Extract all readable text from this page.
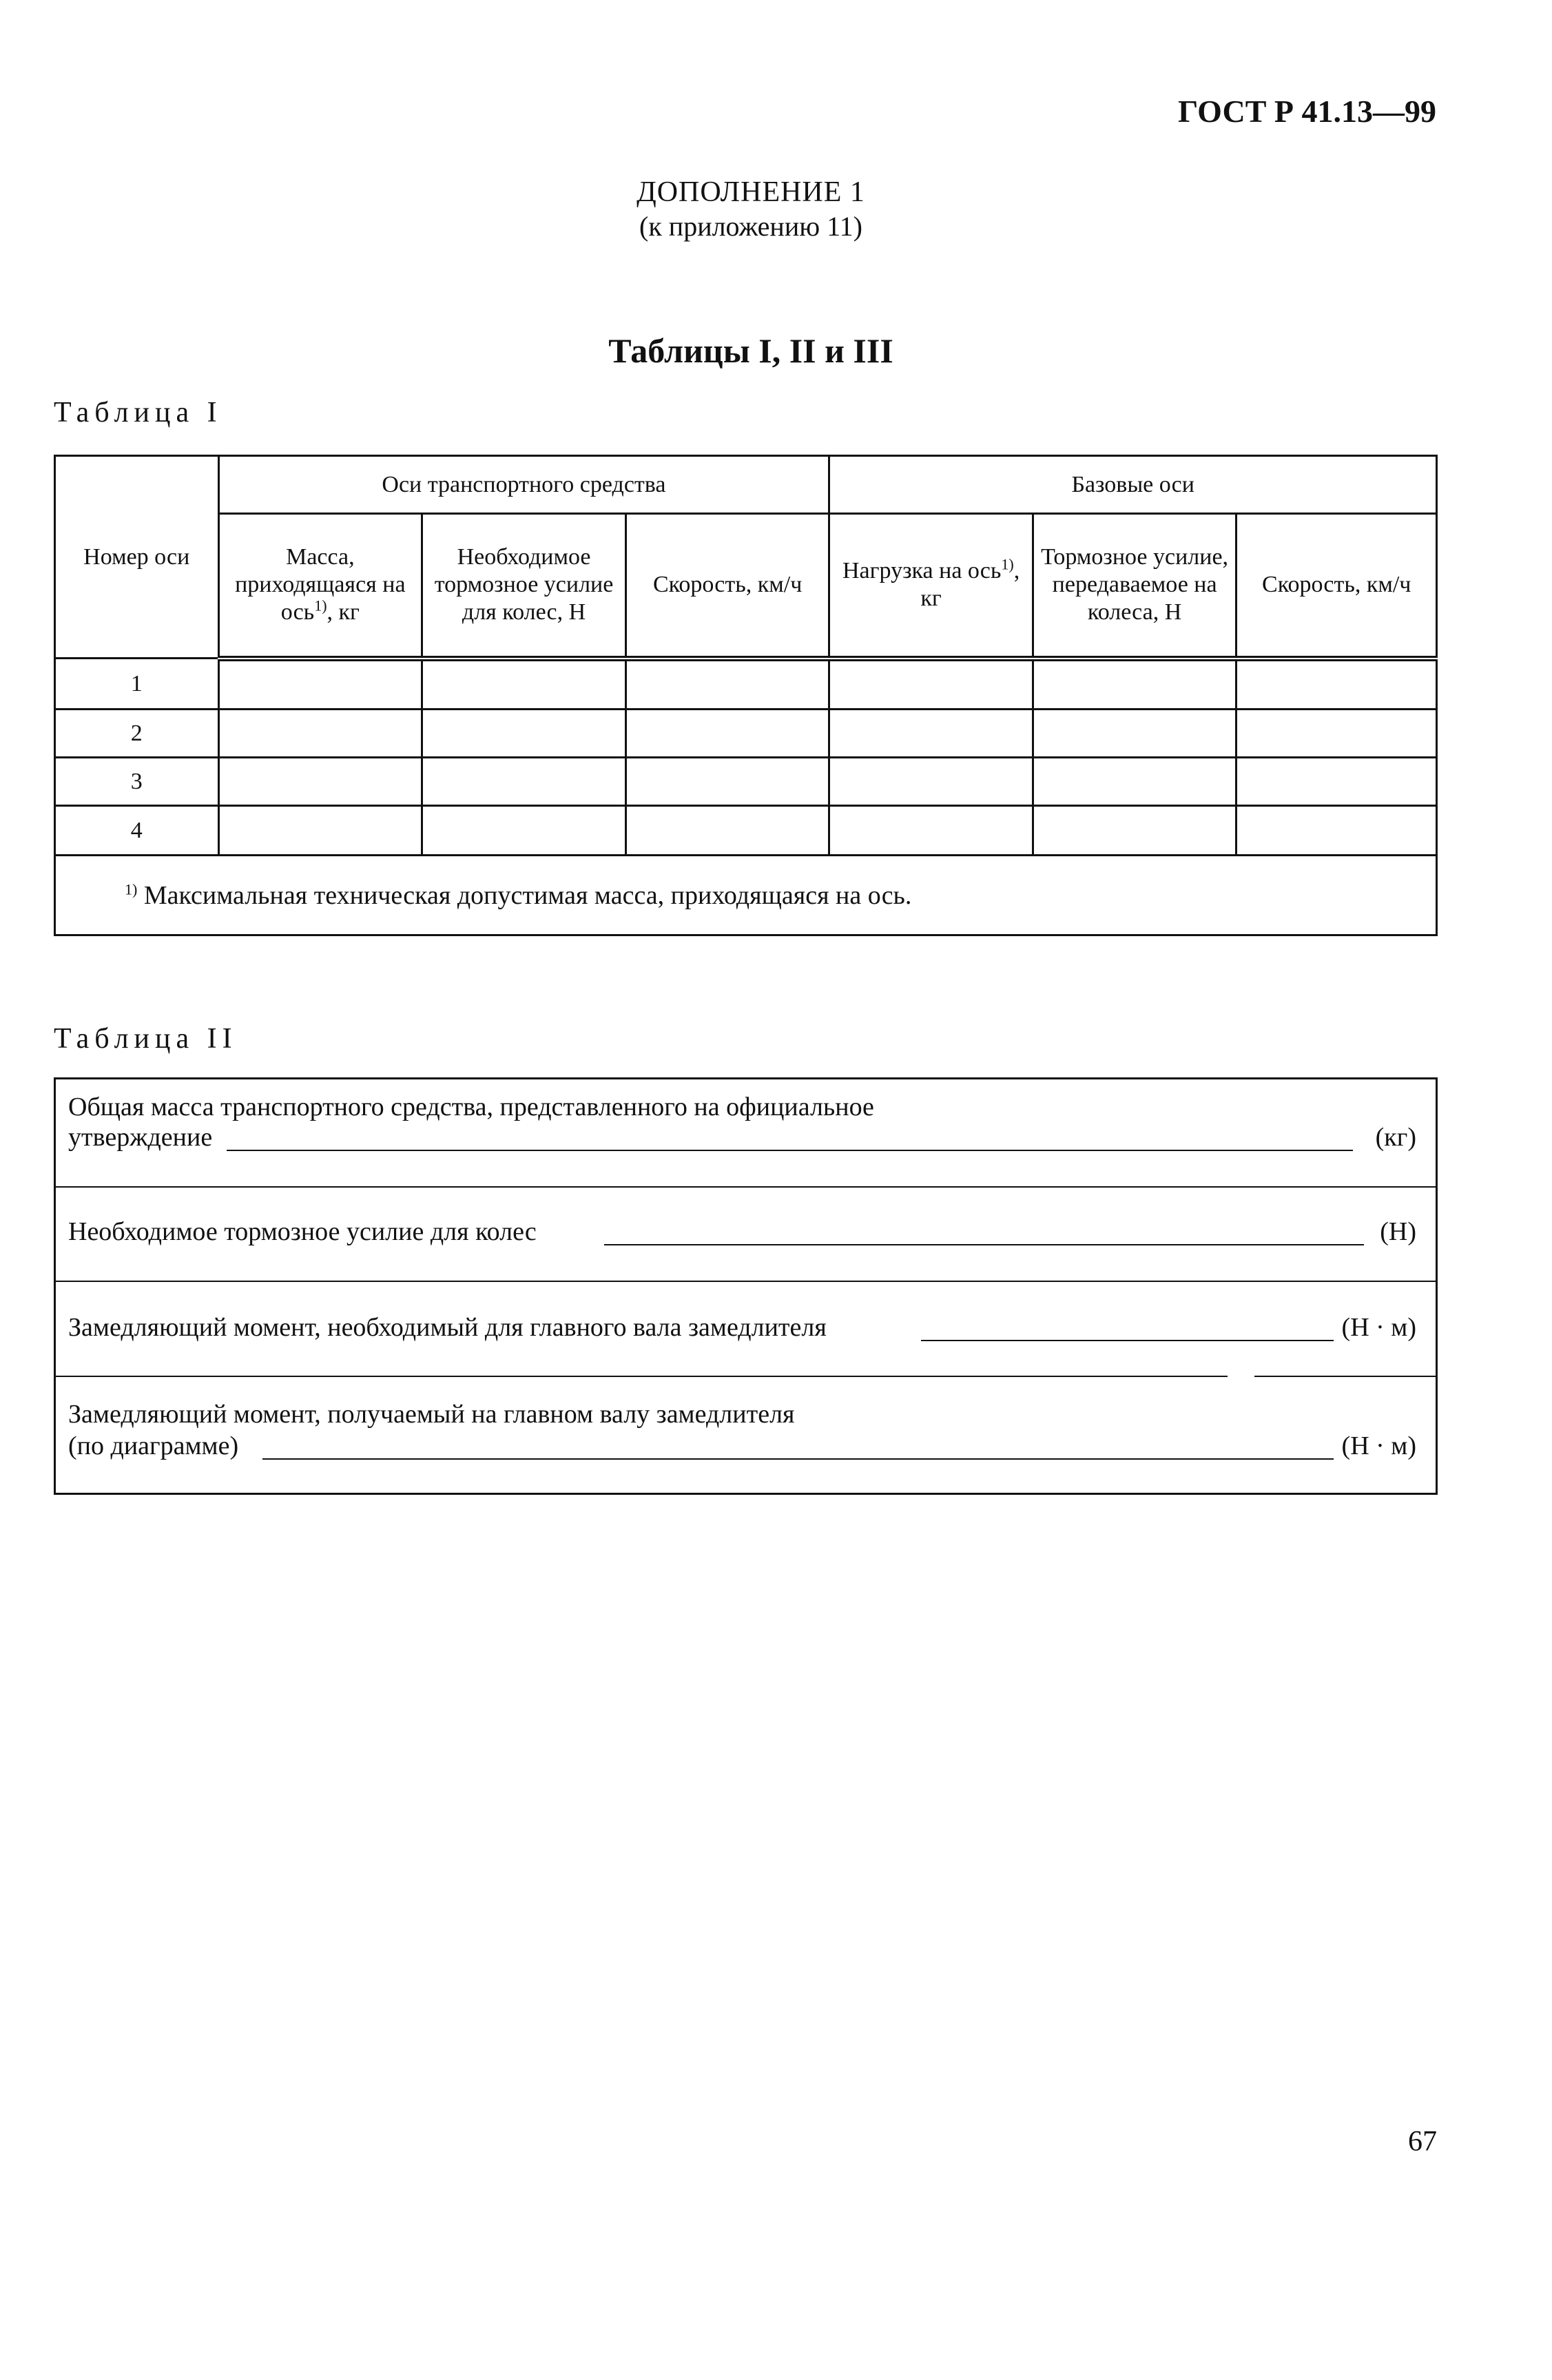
ГОСТ Р 41.13—99
ДОПОЛНЕНИЕ 1
(к приложению 11)
Таблицы I, II и III
Таблица I
Номер оси	Оси транспортного средства			Базовые оси		
	Масса, приходящаяся на ось$^{1)}$, кг	Необходимое тормозное усилие для колес, Н	Скорость, км/ч	Нагрузка на ось$^{1)}$, кг	Тормозное усилие, передаваемое на колеса, Н	Скорость, км/ч
1						
2						
3						
4						
$^{1)}$ Максимальная техническая допустимая масса, приходящаяся на ось.						
Таблица II
Общая масса транспортного средства, представленного на официальное
утверждение	(кг)
Необходимое тормозное усилие для колес	(Н)
Замедляющий момент, необходимый для главного вала замедлителя	(Н · м)
Замедляющий момент, получаемый на главном валу замедлителя
(по диаграмме)	(Н · м)
67
